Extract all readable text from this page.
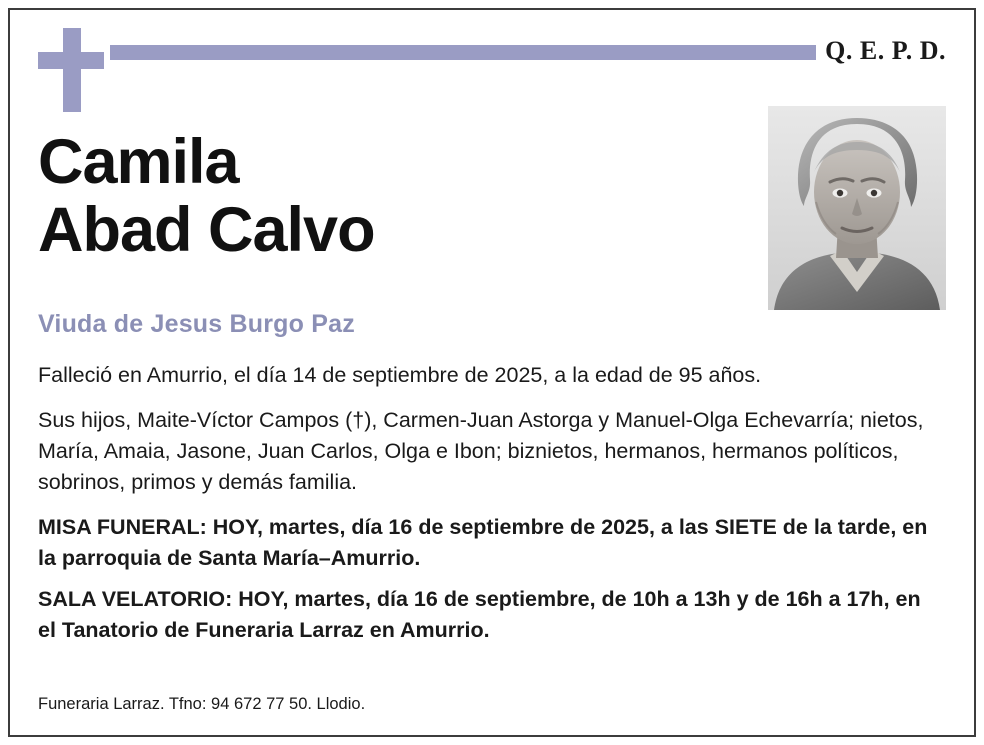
Q. E. P. D.
Camila
Abad Calvo
Viuda de Jesus Burgo Paz
Falleció en Amurrio, el día 14 de septiembre de 2025, a la edad de 95 años.
Sus hijos, Maite-Víctor Campos (†), Carmen-Juan Astorga y Manuel-Olga Echevarría; nietos, María, Amaia, Jasone, Juan Carlos, Olga e Ibon; biznietos, hermanos, hermanos políticos, sobrinos, primos y demás familia.
MISA FUNERAL: HOY, martes, día 16 de septiembre de 2025, a las SIETE de la tarde, en la parroquia de Santa María–Amurrio.
SALA VELATORIO: HOY, martes, día 16 de septiembre, de 10h a 13h y de 16h a 17h, en el Tanatorio de Funeraria Larraz en Amurrio.
Funeraria Larraz. Tfno: 94 672 77 50. Llodio.
